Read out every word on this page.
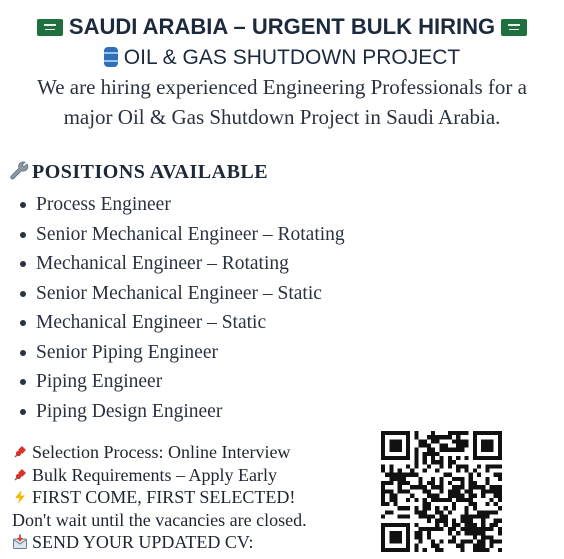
SAUDI ARABIA – URGENT BULK HIRING
OIL & GAS SHUTDOWN PROJECT
We are hiring experienced Engineering Professionals for a
major Oil & Gas Shutdown Project in Saudi Arabia.
POSITIONS AVAILABLE
Process Engineer
Senior Mechanical Engineer – Rotating
Mechanical Engineer – Rotating
Senior Mechanical Engineer – Static
Mechanical Engineer – Static
Senior Piping Engineer
Piping Engineer
Piping Design Engineer
Selection Process: Online Interview
Bulk Requirements – Apply Early
FIRST COME, FIRST SELECTED!
Don't wait until the vacancies are closed.
SEND YOUR UPDATED CV:
